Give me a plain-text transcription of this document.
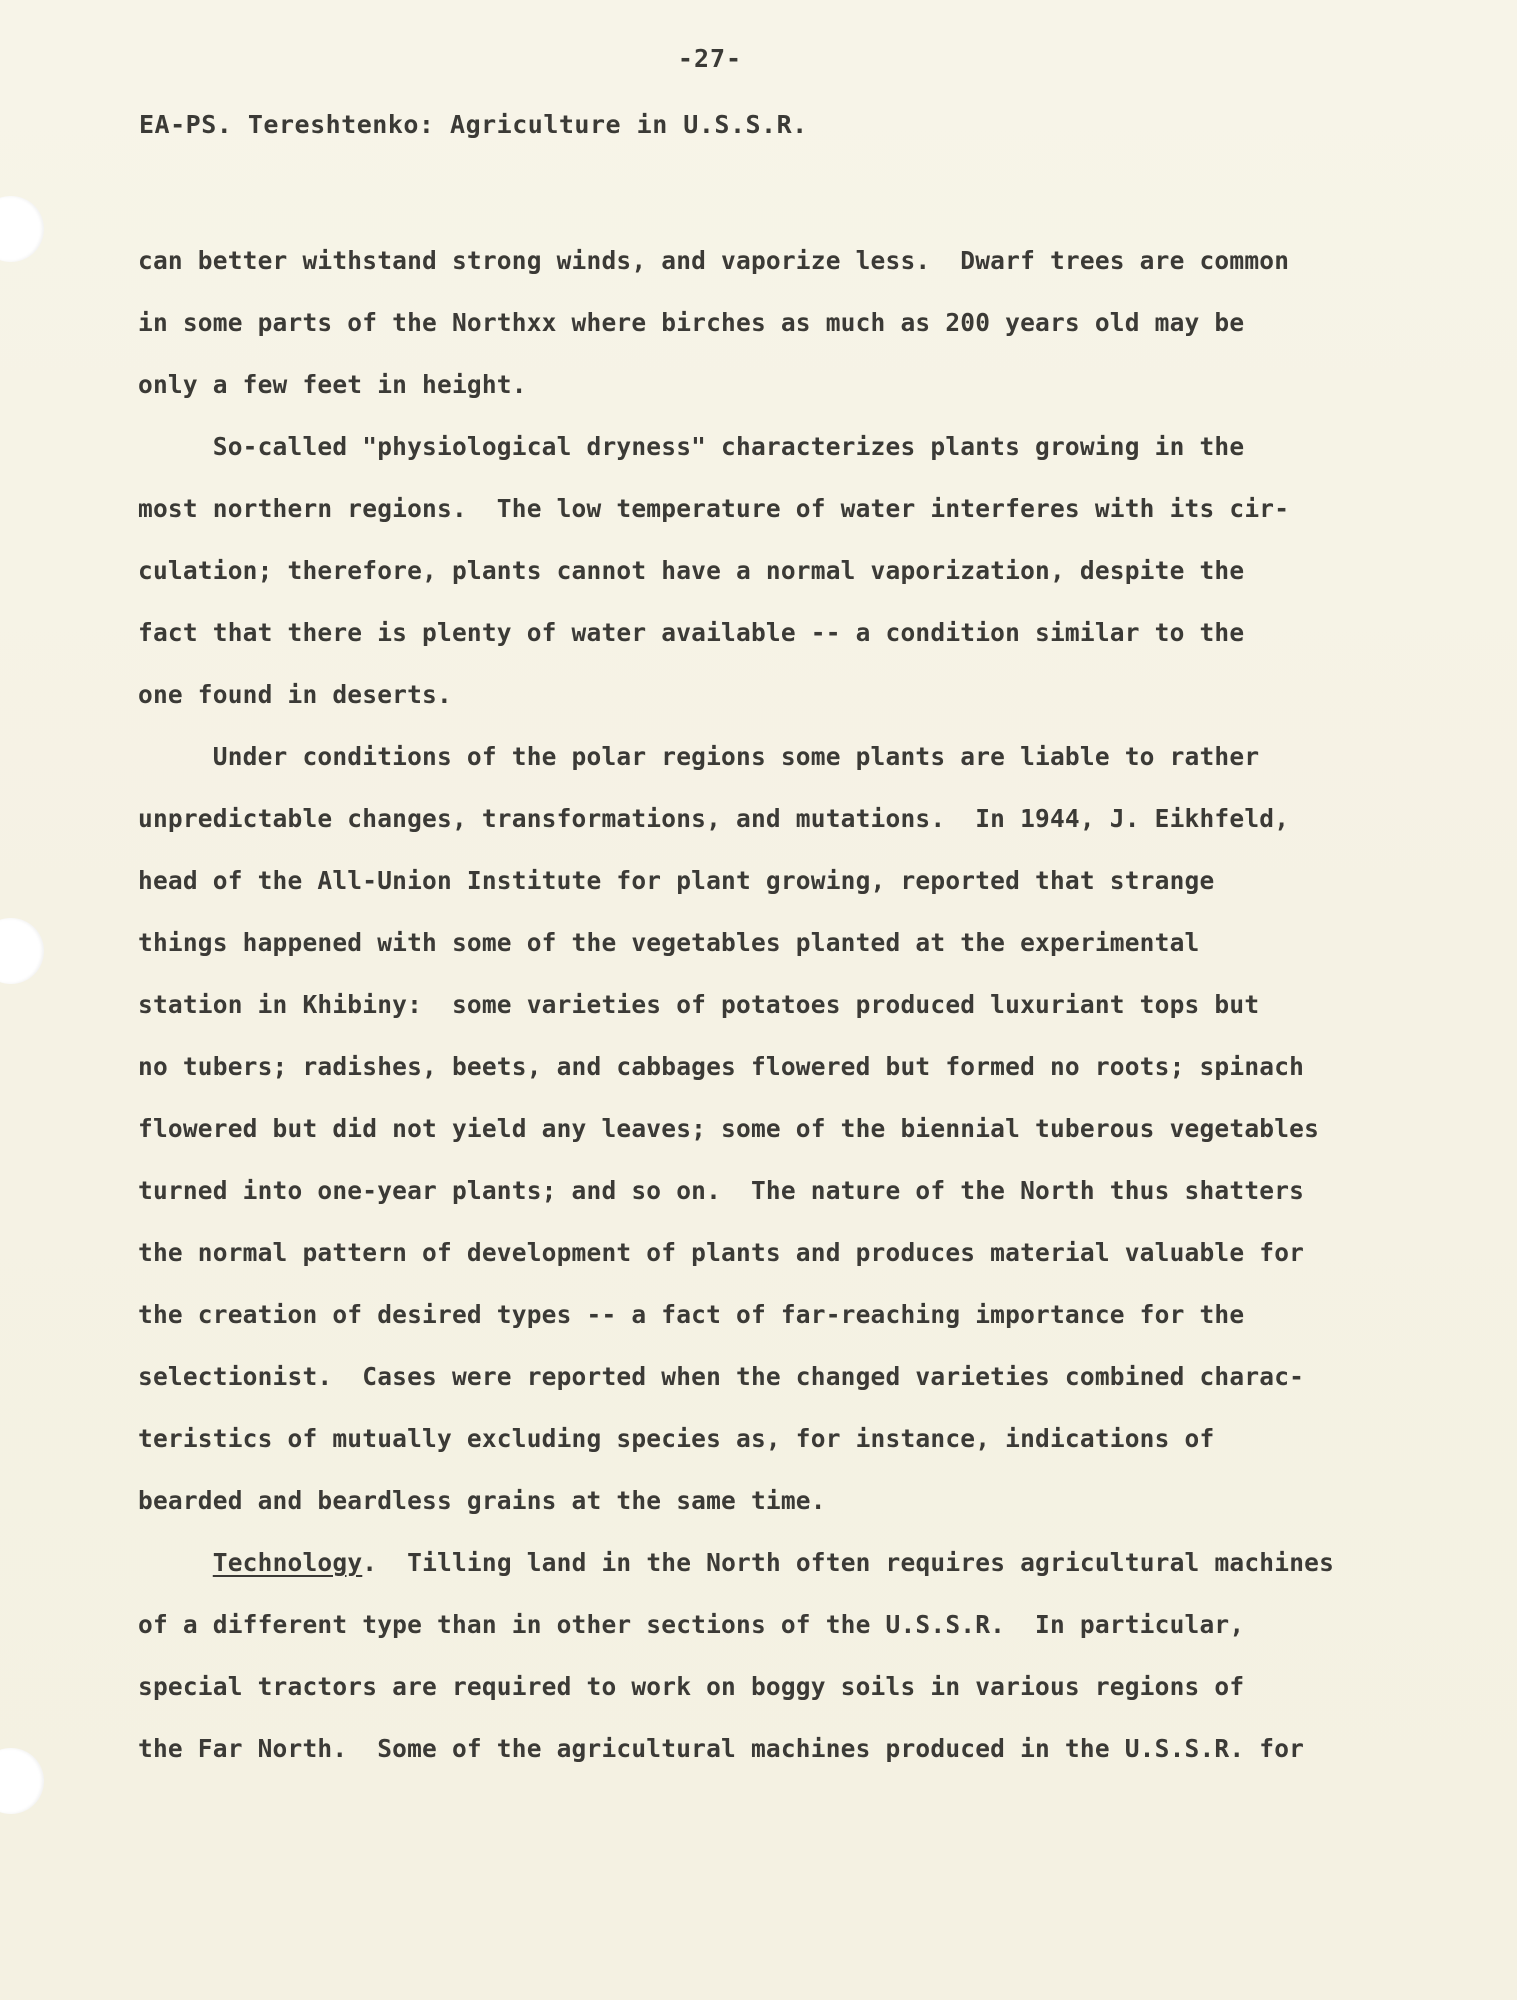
-27-
EA-PS. Tereshtenko: Agriculture in U.S.S.R.
can better withstand strong winds, and vaporize less.  Dwarf trees are common
in some parts of the Northxx where birches as much as 200 years old may be
only a few feet in height.
So-called "physiological dryness" characterizes plants growing in the
most northern regions.  The low temperature of water interferes with its cir-
culation; therefore, plants cannot have a normal vaporization, despite the
fact that there is plenty of water available -- a condition similar to the
one found in deserts.
Under conditions of the polar regions some plants are liable to rather
unpredictable changes, transformations, and mutations.  In 1944, J. Eikhfeld,
head of the All-Union Institute for plant growing, reported that strange
things happened with some of the vegetables planted at the experimental
station in Khibiny:  some varieties of potatoes produced luxuriant tops but
no tubers; radishes, beets, and cabbages flowered but formed no roots; spinach
flowered but did not yield any leaves; some of the biennial tuberous vegetables
turned into one-year plants; and so on.  The nature of the North thus shatters
the normal pattern of development of plants and produces material valuable for
the creation of desired types -- a fact of far-reaching importance for the
selectionist.  Cases were reported when the changed varieties combined charac-
teristics of mutually excluding species as, for instance, indications of
bearded and beardless grains at the same time.
Technology.  Tilling land in the North often requires agricultural machines
of a different type than in other sections of the U.S.S.R.  In particular,
special tractors are required to work on boggy soils in various regions of
the Far North.  Some of the agricultural machines produced in the U.S.S.R. for
